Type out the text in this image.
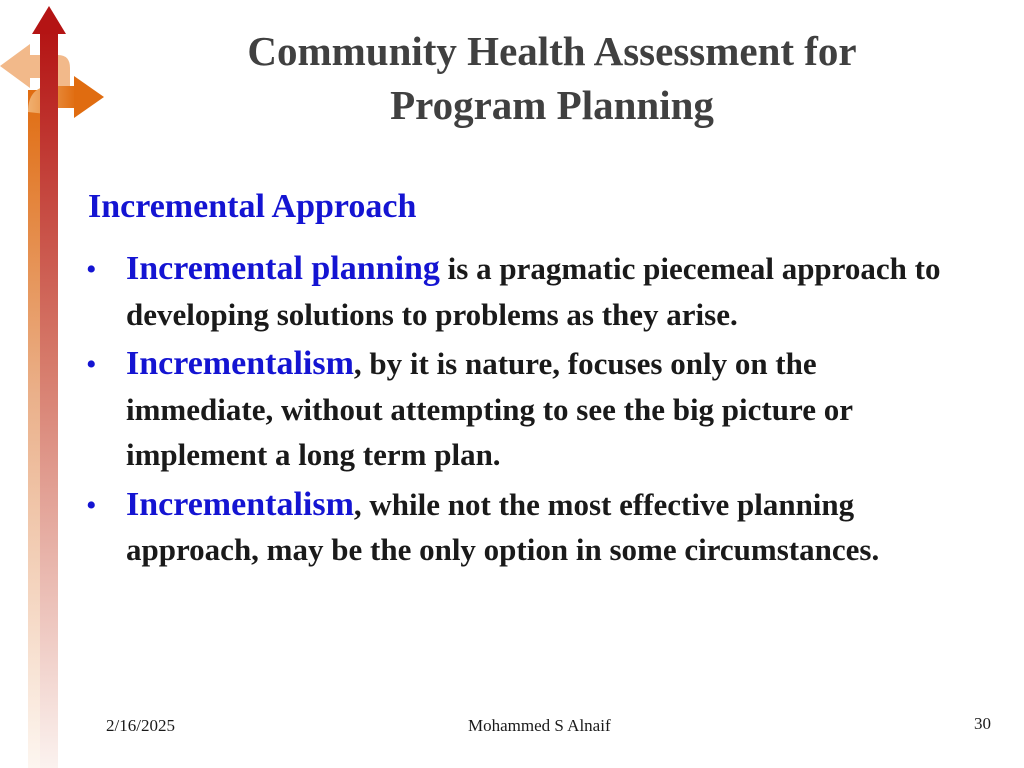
Community Health Assessment for
Program Planning
Incremental Approach
• Incremental planning is a pragmatic piecemeal approach to developing solutions to problems as they arise.

• Incrementalism, by it is nature, focuses only on the immediate, without attempting to see the big picture or implement a long term plan.

• Incrementalism, while not the most effective planning approach, may be the only option in some circumstances.

2/16/2025	Mohammed S Alnaif	30
